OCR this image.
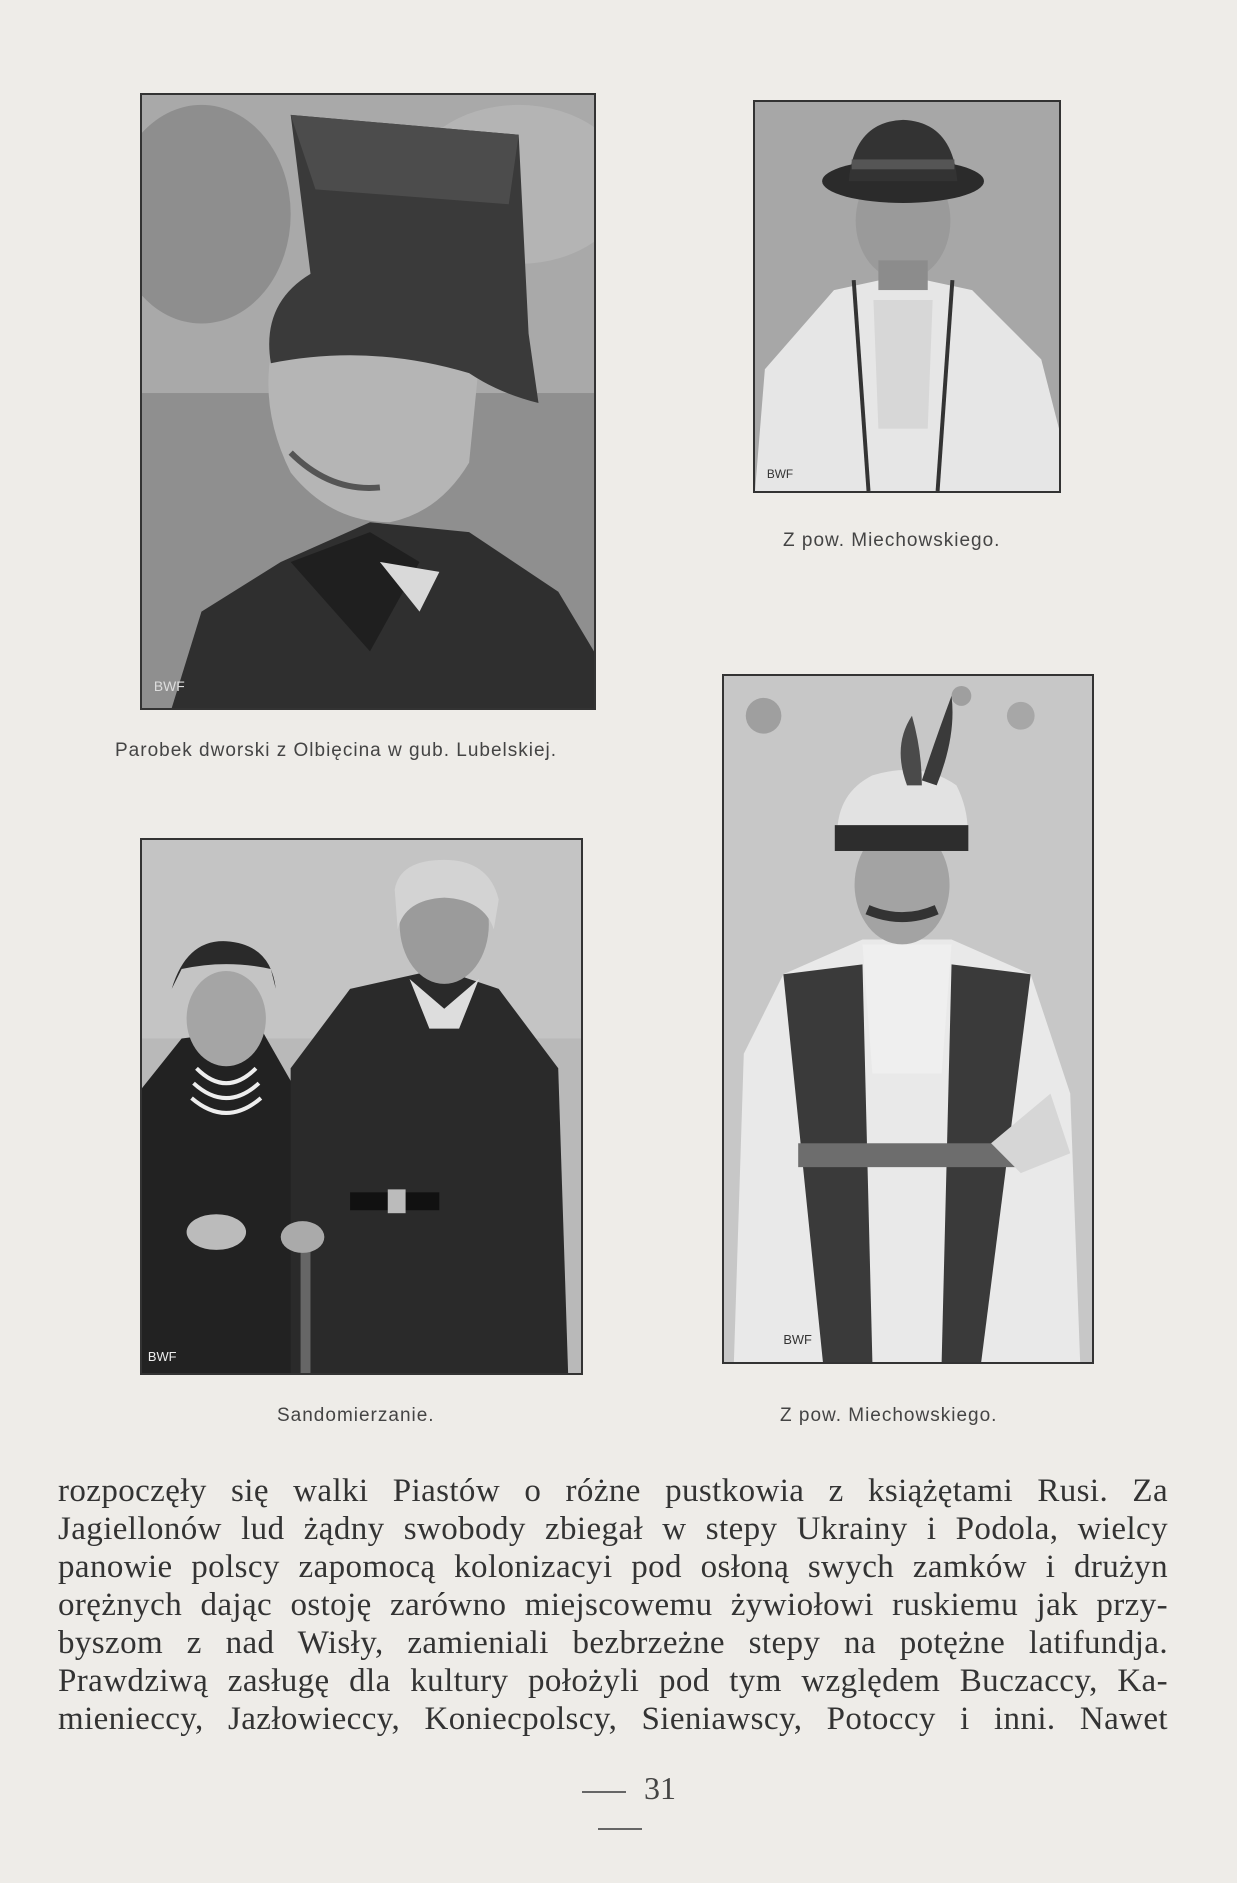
BWF
Parobek dworski z Olbięcina w gub. Lubelskiej.
BWF
Z pow. Miechowskiego.
BWF
Sandomierzanie.
BWF
Z pow. Miechowskiego.
rozpoczęły się walki Piastów o różne pustkowia z książętami Rusi. Za
Jagiellonów lud żądny swobody zbiegał w stepy Ukrainy i Podola, wielcy
panowie polscy zapomocą kolonizacyi pod osłoną swych zamków i drużyn
orężnych dając ostoję zarówno miejscowemu żywiołowi ruskiemu jak przy-
byszom z nad Wisły, zamieniali bezbrzeżne stepy na potężne latifundja.
Prawdziwą zasługę dla kultury położyli pod tym względem Buczaccy, Ka-
mienieccy, Jazłowieccy, Koniecpolscy, Sieniawscy, Potoccy i inni. Nawet
31
